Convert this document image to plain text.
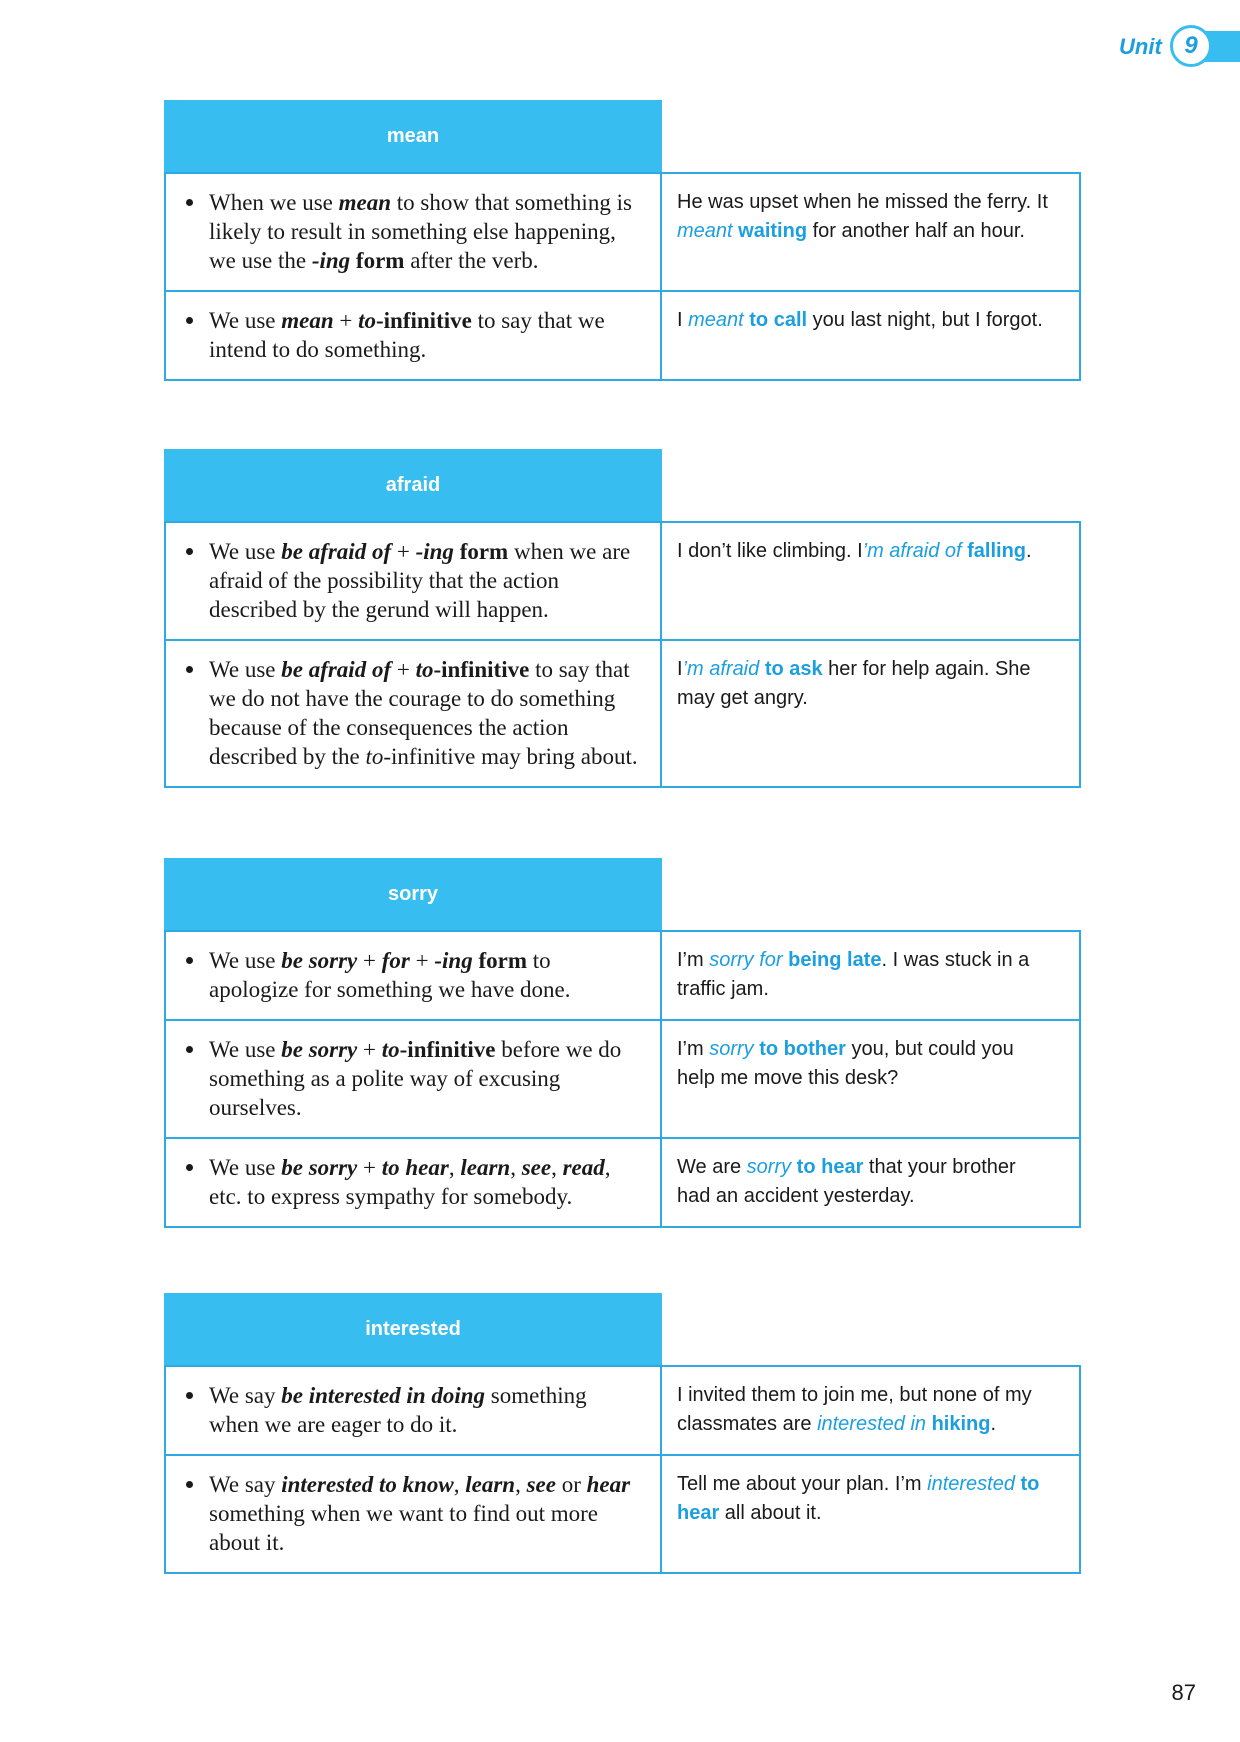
Unit 9
mean
When we use mean to show that something is
likely to result in something else happening,
we use the -ing form after the verb.
He was upset when he missed the ferry. It
meant waiting for another half an hour.
We use mean + to-infinitive to say that we
intend to do something.
I meant to call you last night, but I forgot.
afraid
We use be afraid of + -ing form when we are
afraid of the possibility that the action
described by the gerund will happen.
I don’t like climbing. I’m afraid of falling.
We use be afraid of + to-infinitive to say that
we do not have the courage to do something
because of the consequences the action
described by the to-infinitive may bring about.
I’m afraid to ask her for help again. She
may get angry.
sorry
We use be sorry + for + -ing form to
apologize for something we have done.
I’m sorry for being late. I was stuck in a
traffic jam.
We use be sorry + to-infinitive before we do
something as a polite way of excusing
ourselves.
I’m sorry to bother you, but could you
help me move this desk?
We use be sorry + to hear, learn, see, read,
etc. to express sympathy for somebody.
We are sorry to hear that your brother
had an accident yesterday.
interested
We say be interested in doing something
when we are eager to do it.
I invited them to join me, but none of my
classmates are interested in hiking.
We say interested to know, learn, see or hear
something when we want to find out more
about it.
Tell me about your plan. I’m interested to
hear all about it.
87
